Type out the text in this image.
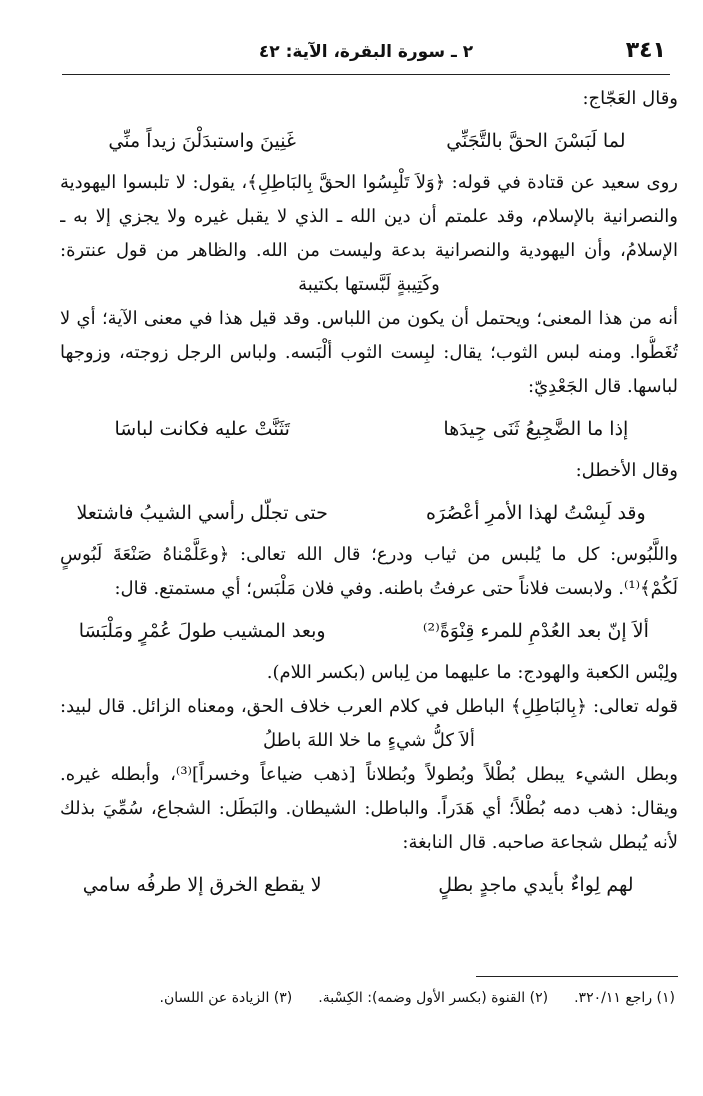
٣٤١
٢ ـ سورة البقرة، الآية: ٤٢
وقال العَجّاج:
لما لَبَسْنَ الحقَّ بالتَّجَنِّيغَنِينَ واستبدَلْنَ زيداً منِّي
روى سعيد عن قتادة في قوله: ﴿وَلاَ تَلْبِسُوا الحقَّ بِالبَاطِلِ﴾، يقول: لا تلبسوا اليهودية
والنصرانية بالإسلام، وقد علمتم أن دين الله ـ الذي لا يقبل غيره ولا يجزي إلا به ـ
الإسلامُ، وأن اليهودية والنصرانية بدعة وليست من الله. والظاهر من قول عنترة:
وكَتِيبةٍ لَبَّستها بكتيبة
أنه من هذا المعنى؛ ويحتمل أن يكون من اللباس. وقد قيل هذا في معنى الآية؛ أي لا
تُغَطُّوا. ومنه لبس الثوب؛ يقال: لبِست الثوب ألْبَسه. ولباس الرجل زوجته، وزوجها
لباسها. قال الجَعْدِيّ:
إذا ما الضَّجِيعُ ثَنَى جِيدَهاتَثَنَّتْ عليه فكانت لباسَا
وقال الأخطل:
وقد لَبِسْتُ لهذا الأمرِ أعْصُرَهحتى تجلّل رأسي الشيبُ فاشتعلا
واللَّبُوس: كل ما يُلبس من ثياب ودرع؛ قال الله تعالى: ﴿وعَلَّمْناهُ صَنْعَةَ لَبُوسٍ
لَكُمْ﴾⁽¹⁾. ولابست فلاناً حتى عرفتُ باطنه. وفي فلان مَلْبَس؛ أي مستمتع. قال:
ألاَ إنّ بعد العُدْمِ للمرء قِنْوَةً⁽²⁾وبعد المشيب طولَ عُمْرٍ ومَلْبَسَا
ولِبْس الكعبة والهودج: ما عليهما من لِباس (بكسر اللام).
قوله تعالى: ﴿بِالبَاطِلِ﴾ الباطل في كلام العرب خلاف الحق، ومعناه الزائل. قال لبيد:
ألاَ كلُّ شيءٍ ما خلا اللهَ باطلُ
وبطل الشيء يبطل بُطْلاً وبُطولاً وبُطلاناً [ذهب ضياعاً وخسراً]⁽³⁾، وأبطله غيره.
ويقال: ذهب دمه بُطْلاً؛ أي هَدَراً. والباطل: الشيطان. والبَطَل: الشجاع، سُمِّيَ بذلك
لأنه يُبطل شجاعة صاحبه. قال النابغة:
لهم لِواءٌ بأيدي ماجدٍ بطلٍلا يقطع الخرق إلا طرفُه سامي
(١) راجع ٣٢٠/١١.(٢) القنوة (بكسر الأول وضمه): الكِسْبة.(٣) الزيادة عن اللسان.
